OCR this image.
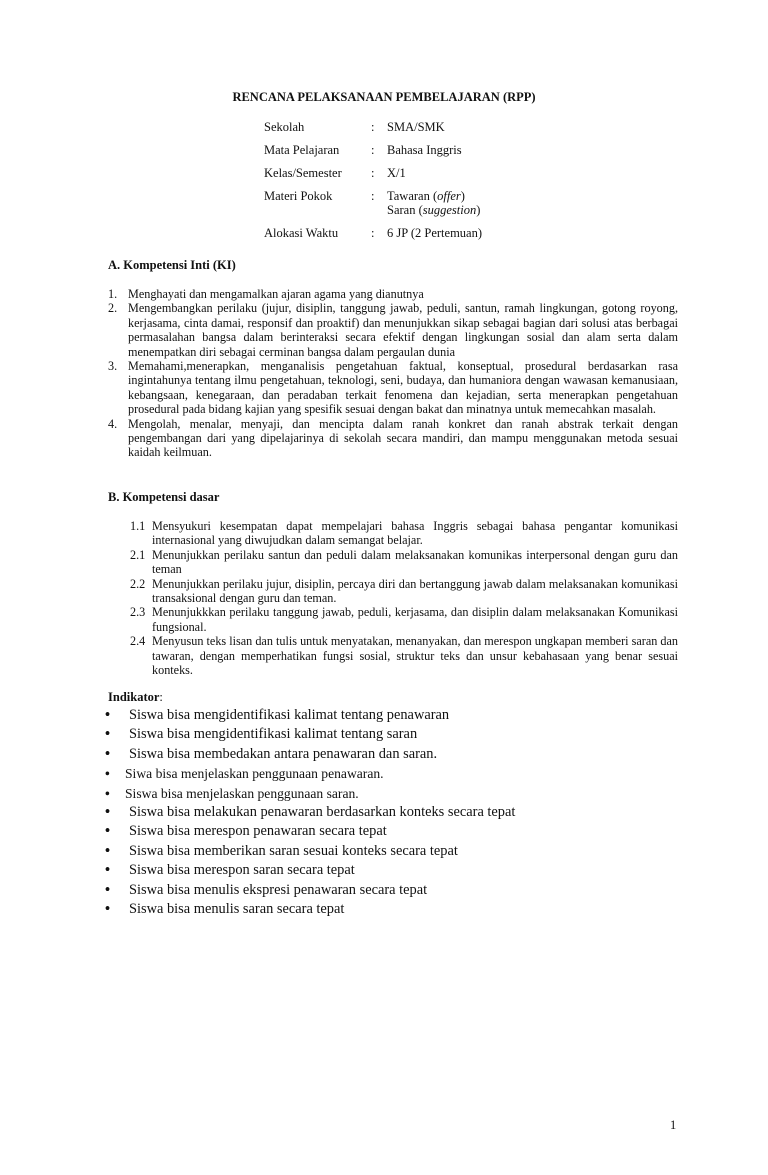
RENCANA PELAKSANAAN PEMBELAJARAN (RPP)
Sekolah	:	SMA/SMK
Mata Pelajaran	:	Bahasa Inggris
Kelas/Semester	:	X/1
Materi Pokok	:	Tawaran (offer)
Saran (suggestion)
Alokasi Waktu	:	6 JP (2 Pertemuan)
A. Kompetensi Inti (KI)
1. Menghayati dan mengamalkan ajaran agama yang dianutnya
2. Mengembangkan perilaku (jujur, disiplin, tanggung jawab, peduli, santun, ramah lingkungan, gotong royong, kerjasama, cinta damai, responsif dan proaktif) dan menunjukkan sikap sebagai bagian dari solusi atas berbagai permasalahan bangsa dalam berinteraksi secara efektif dengan lingkungan sosial dan alam serta dalam menempatkan diri sebagai cerminan bangsa dalam pergaulan dunia
3. Memahami,menerapkan, menganalisis pengetahuan faktual, konseptual, prosedural berdasarkan rasa ingintahunya tentang ilmu pengetahuan, teknologi, seni, budaya, dan humaniora dengan wawasan kemanusiaan, kebangsaan, kenegaraan, dan peradaban terkait fenomena dan kejadian, serta menerapkan pengetahuan prosedural pada bidang kajian yang spesifik sesuai dengan bakat dan minatnya untuk memecahkan masalah.
4. Mengolah, menalar, menyaji, dan mencipta dalam ranah konkret dan ranah abstrak terkait dengan pengembangan dari yang dipelajarinya di sekolah secara mandiri, dan mampu menggunakan metoda sesuai kaidah keilmuan.
B. Kompetensi dasar
1.1 Mensyukuri kesempatan dapat mempelajari bahasa Inggris sebagai bahasa pengantar komunikasi internasional yang diwujudkan dalam semangat belajar.
2.1 Menunjukkan perilaku santun dan peduli dalam melaksanakan komunikas interpersonal dengan guru dan teman
2.2 Menunjukkan perilaku jujur, disiplin, percaya diri dan bertanggung jawab dalam melaksanakan komunikasi transaksional dengan guru dan teman.
2.3 Menunjukkkan perilaku tanggung jawab, peduli, kerjasama, dan disiplin dalam melaksanakan Komunikasi fungsional.
2.4 Menyusun teks lisan dan tulis untuk menyatakan, menanyakan, dan merespon ungkapan memberi saran dan tawaran, dengan memperhatikan fungsi sosial, struktur teks dan unsur kebahasaan yang benar sesuai konteks.
Indikator:
•	Siswa bisa mengidentifikasi kalimat tentang penawaran
•	Siswa bisa mengidentifikasi kalimat tentang saran
•	Siswa bisa membedakan antara penawaran dan saran.
•	Siwa bisa menjelaskan penggunaan penawaran.
•	Siswa bisa menjelaskan penggunaan saran.
•	Siswa bisa melakukan penawaran berdasarkan konteks secara tepat
•	Siswa bisa merespon penawaran secara tepat
•	Siswa bisa memberikan saran sesuai konteks secara tepat
•	Siswa bisa merespon saran secara tepat
•	Siswa bisa menulis ekspresi penawaran secara tepat
•	Siswa bisa menulis saran secara tepat
1
